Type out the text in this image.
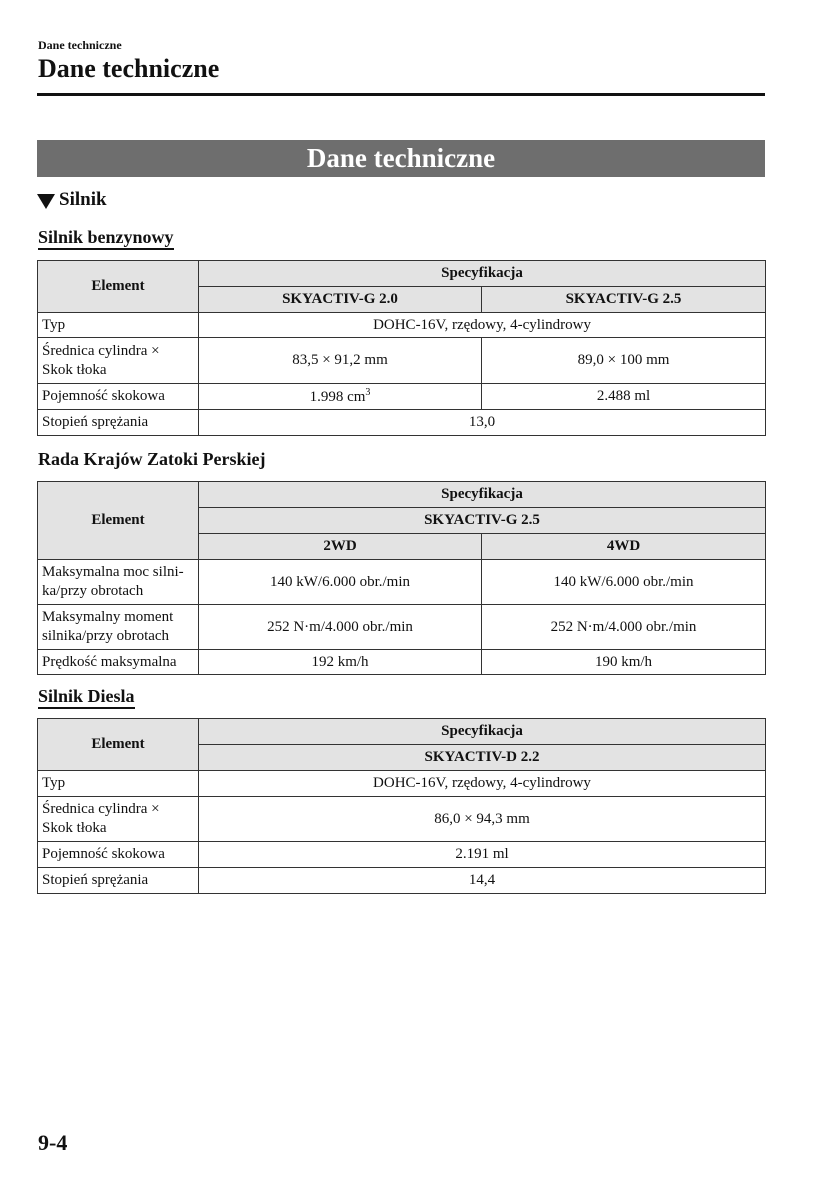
Dane techniczne
Dane techniczne
Dane techniczne
Silnik
Silnik benzynowy
Element	Specyfikacja	
	SKYACTIV-G 2.0	SKYACTIV-G 2.5
Typ	DOHC-16V, rzędowy, 4-cylindrowy	
Średnica cylindra ×
Skok tłoka	83,5 × 91,2 mm	89,0 × 100 mm
Pojemność skokowa	1.998 $cm^3$	2.488 ml
Stopień sprężania	13,0	
Rada Krajów Zatoki Perskiej
Element	Specyfikacja	
	SKYACTIV-G 2.5	
	2WD	4WD
Maksymalna moc silni-
ka/przy obrotach	140 kW/6.000 obr./min	140 kW/6.000 obr./min
Maksymalny moment
silnika/przy obrotach	252 N·m/4.000 obr./min	252 N·m/4.000 obr./min
Prędkość maksymalna	192 km/h	190 km/h
Silnik Diesla
Element	Specyfikacja
	SKYACTIV-D 2.2
Typ	DOHC-16V, rzędowy, 4-cylindrowy
Średnica cylindra ×
Skok tłoka	86,0 × 94,3 mm
Pojemność skokowa	2.191 ml
Stopień sprężania	14,4
9-4
